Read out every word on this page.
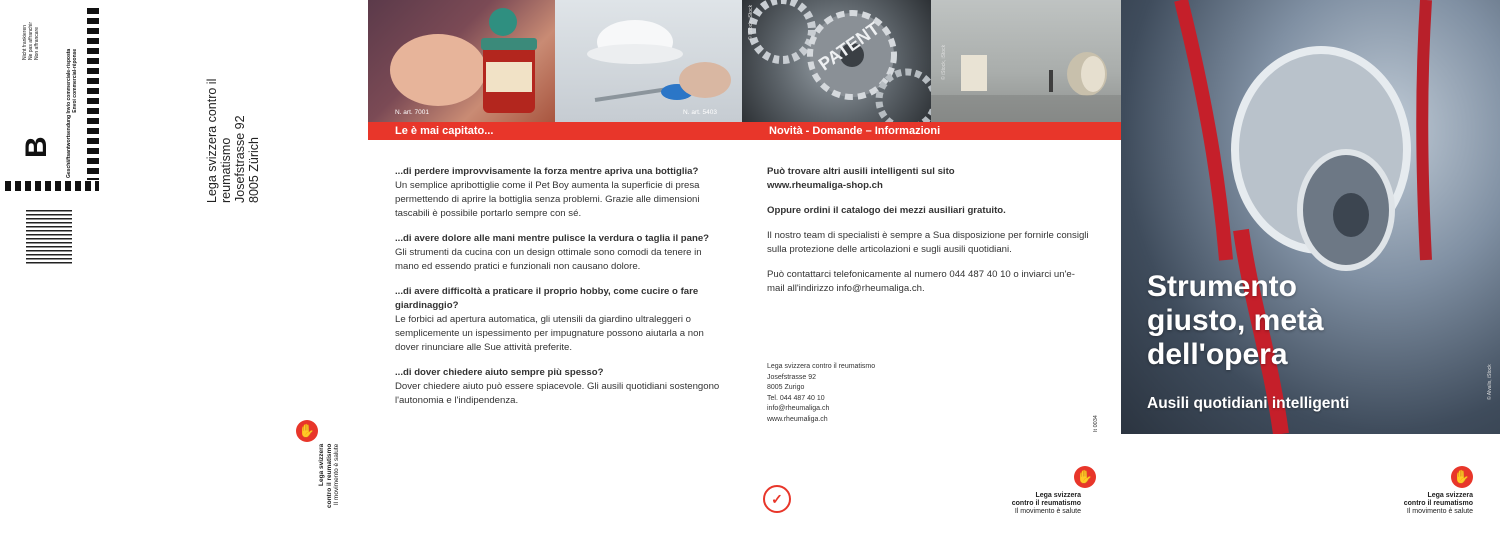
B
Nicht frankieren Ne pas affranchir Non affrancare
Geschäftsantwortsendung Invio commerciale-risposta Envoi commercial-réponse	Lega svizzera contro il reumatismo Josefstrasse 92 8005 Zürich
✋
Lega svizzera contro il reumatismo Il movimento è salute
N. art. 7001	N. art. 5403
PATENT
© iStock, iStock
© iStock, iStock
Le è mai capitato...	Novità - Domande – Informazioni

...di perdere improvvisamente la forza mentre apriva una bottiglia?
Un semplice apribottiglie come il Pet Boy aumenta la superficie di presa permettendo di aprire la bottiglia senza problemi. Grazie alle dimensioni tascabili è possibile portarlo sempre con sé.

...di avere dolore alle mani mentre pulisce la verdura o taglia il pane?
Gli strumenti da cucina con un design ottimale sono comodi da tenere in mano ed essendo pratici e funzionali non causano dolore.

...di avere difficoltà a praticare il proprio hobby, come cucire o fare giardinaggio?
Le forbici ad apertura automatica, gli utensili da giardino ultraleggeri o semplicemente un ispessimento per impugnature possono aiutarla a non dover rinunciare alle Sue attività preferite.

...di dover chiedere aiuto sempre più spesso?
Dover chiedere aiuto può essere spiacevole. Gli ausili quotidiani sostengono l'autonomia e l'indipendenza.

Può trovare altri ausili intelligenti sul sito
www.rheumaliga-shop.ch

Oppure ordini il catalogo dei mezzi ausiliari gratuito.

Il nostro team di specialisti è sempre a Sua disposizione per fornirle consigli sulla protezione delle articolazioni e sugli ausili quotidiani.

Può contattarci telefonicamente al numero 044 487 40 10 o inviarci un'e-mail all'indirizzo info@rheumaliga.ch.

Lega svizzera contro il reumatismo
Josefstrasse 92
8005 Zurigo
Tel. 044 487 40 10
info@rheumaliga.ch
www.rheumaliga.ch	It 0034
✓
✋
Lega svizzera
contro il reumatismo
Il movimento è salute
Strumento
giusto, metà
dell'opera
Ausili quotidiani intelligenti
© Alvalis, iStock
✋
Lega svizzera
contro il reumatismo
Il movimento è salute
